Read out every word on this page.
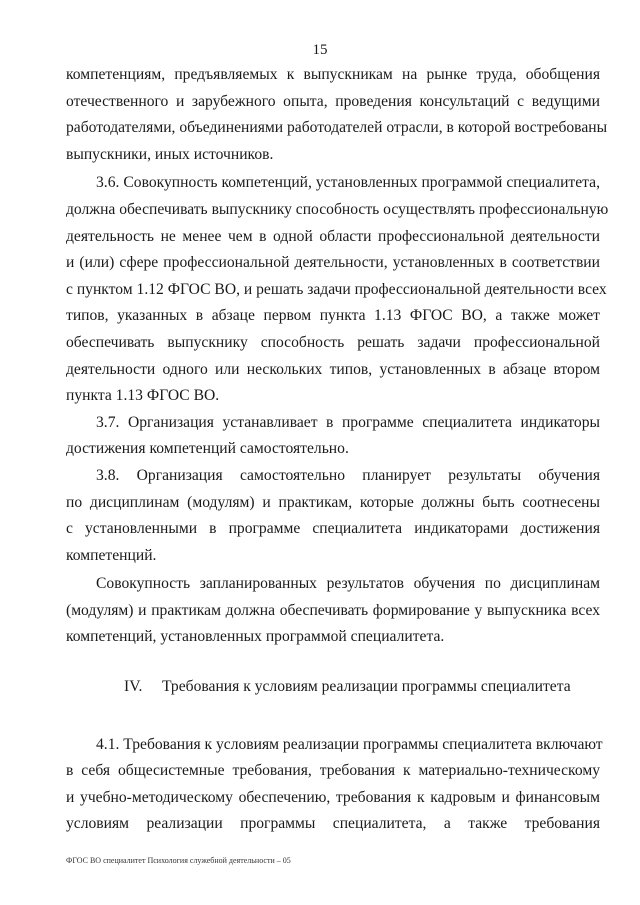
15

компетенциям, предъявляемых к выпускникам на рынке труда, обобщения
отечественного и зарубежного опыта, проведения консультаций с ведущими
работодателями, объединениями работодателей отрасли, в которой востребованы
выпускники, иных источников.

3.6. Совокупность компетенций, установленных программой специалитета,
должна обеспечивать выпускнику способность осуществлять профессиональную
деятельность не менее чем в одной области профессиональной деятельности
и (или) сфере профессиональной деятельности, установленных в соответствии
с пунктом 1.12 ФГОС ВО, и решать задачи профессиональной деятельности всех
типов, указанных в абзаце первом пункта 1.13 ФГОС ВО, а также может
обеспечивать выпускнику способность решать задачи профессиональной
деятельности одного или нескольких типов, установленных в абзаце втором
пункта 1.13 ФГОС ВО.

3.7. Организация устанавливает в программе специалитета индикаторы
достижения компетенций самостоятельно.

3.8. Организация самостоятельно планирует результаты обучения
по дисциплинам (модулям) и практикам, которые должны быть соотнесены
с установленными в программе специалитета индикаторами достижения
компетенций.

Совокупность запланированных результатов обучения по дисциплинам
(модулям) и практикам должна обеспечивать формирование у выпускника всех
компетенций, установленных программой специалитета.

IV. Требования к условиям реализации программы специалитета

4.1. Требования к условиям реализации программы специалитета включают
в себя общесистемные требования, требования к материально-техническому
и учебно-методическому обеспечению, требования к кадровым и финансовым
условиям реализации программы специалитета, а также требования

ФГОС ВО специалитет Психология служебной деятельности – 05
